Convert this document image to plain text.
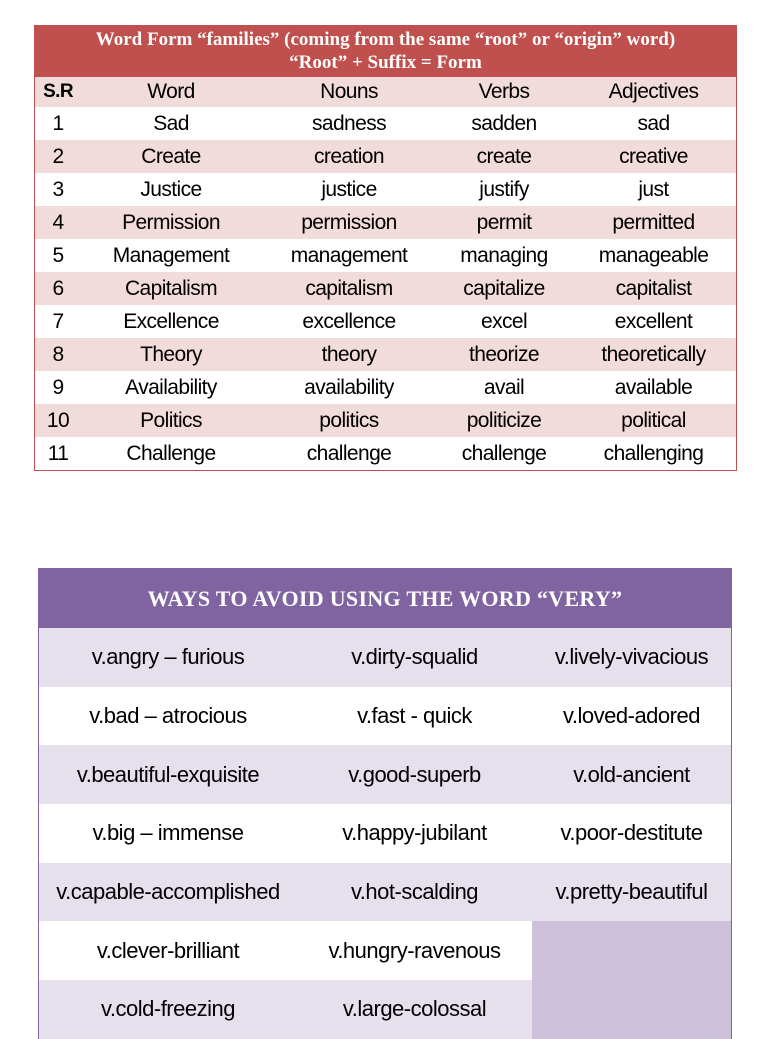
Word Form “families” (coming from the same “root” or “origin” word)
“Root” + Suffix = Form
S.R	Word	Nouns	Verbs	Adjectives
1	Sad	sadness	sadden	sad
2	Create	creation	create	creative
3	Justice	justice	justify	just
4	Permission	permission	permit	permitted
5	Management	management	managing	manageable
6	Capitalism	capitalism	capitalize	capitalist
7	Excellence	excellence	excel	excellent
8	Theory	theory	theorize	theoretically
9	Availability	availability	avail	available
10	Politics	politics	politicize	political
11	Challenge	challenge	challenge	challenging
WAYS TO AVOID USING THE WORD “VERY”
v.angry – furious	v.dirty-squalid	v.lively-vivacious
v.bad – atrocious	v.fast - quick	v.loved-adored
v.beautiful-exquisite	v.good-superb	v.old-ancient
v.big – immense	v.happy-jubilant	v.poor-destitute
v.capable-accomplished	v.hot-scalding	v.pretty-beautiful
v.clever-brilliant	v.hungry-ravenous
v.cold-freezing	v.large-colossal
